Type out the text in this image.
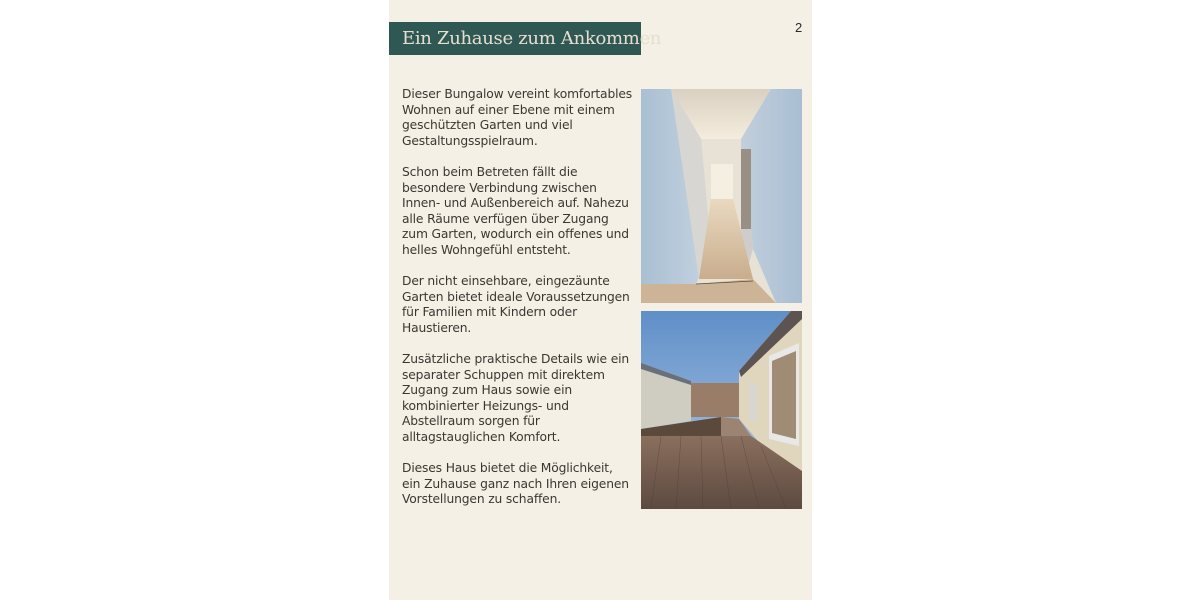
Ein Zuhause zum Ankommen
2

Dieser Bungalow vereint komfortables Wohnen auf einer Ebene mit einem geschützten Garten und viel Gestaltungsspielraum.

Schon beim Betreten fällt die besondere Verbindung zwischen Innen- und Außenbereich auf. Nahezu alle Räume verfügen über Zugang zum Garten, wodurch ein offenes und helles Wohngefühl entsteht.

Der nicht einsehbare, eingezäunte Garten bietet ideale Voraussetzungen für Familien mit Kindern oder Haustieren.

Zusätzliche praktische Details wie ein separater Schuppen mit direktem Zugang zum Haus sowie ein kombinierter Heizungs- und Abstellraum sorgen für alltagstauglichen Komfort.

Dieses Haus bietet die Möglichkeit, ein Zuhause ganz nach Ihren eigenen Vorstellungen zu schaffen.
